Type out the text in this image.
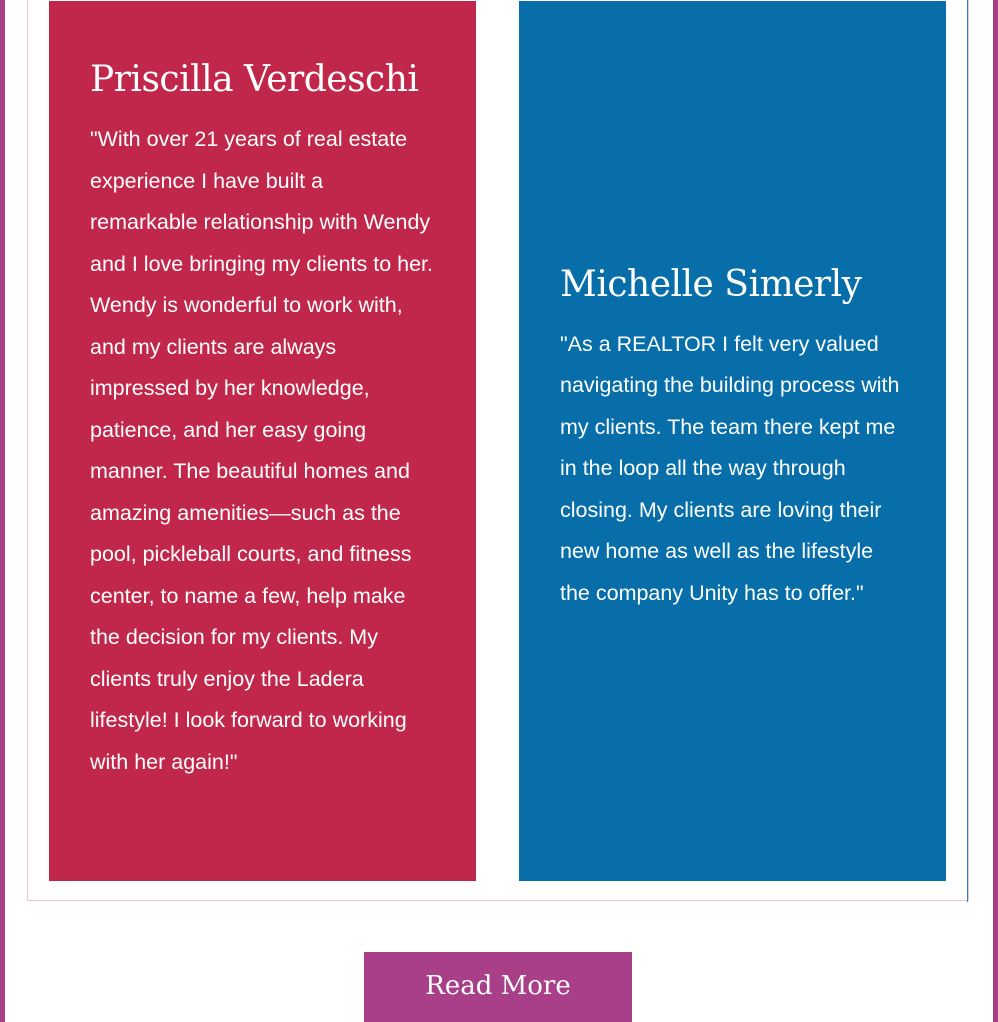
Priscilla Verdeschi

"With over 21 years of real estate experience I have built a remarkable relationship with Wendy and I love bringing my clients to her. Wendy is wonderful to work with, and my clients are always impressed by her knowledge, patience, and her easy going manner. The beautiful homes and amazing amenities—such as the pool, pickleball courts, and fitness center, to name a few, help make the decision for my clients. My clients truly enjoy the Ladera lifestyle! I look forward to working with her again!"

Michelle Simerly

"As a REALTOR I felt very valued navigating the building process with my clients. The team there kept me in the loop all the way through closing. My clients are loving their new home as well as the lifestyle the company Unity has to offer."

Read More
